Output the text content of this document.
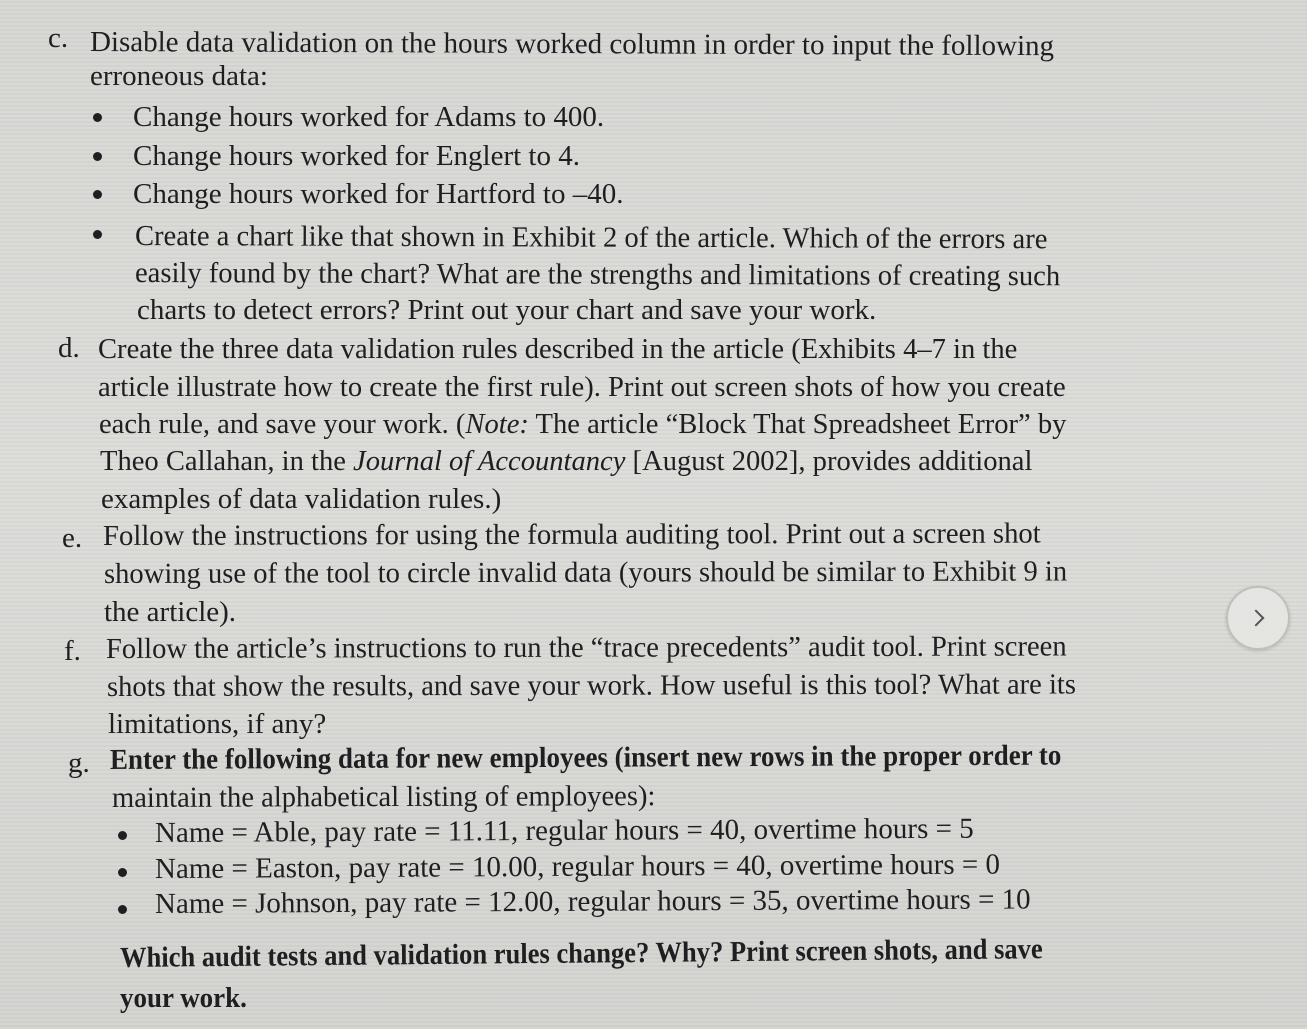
c. Disable data validation on the hours worked column in order to input the following
erroneous data:
Change hours worked for Adams to 400.
Change hours worked for Englert to 4.
Change hours worked for Hartford to –40.
Create a chart like that shown in Exhibit 2 of the article. Which of the errors are
easily found by the chart? What are the strengths and limitations of creating such
charts to detect errors? Print out your chart and save your work.
d. Create the three data validation rules described in the article (Exhibits 4–7 in the
article illustrate how to create the first rule). Print out screen shots of how you create
each rule, and save your work. (Note: The article “Block That Spreadsheet Error” by
Theo Callahan, in the Journal of Accountancy [August 2002], provides additional
examples of data validation rules.)
e. Follow the instructions for using the formula auditing tool. Print out a screen shot
showing use of the tool to circle invalid data (yours should be similar to Exhibit 9 in
the article).
f. Follow the article’s instructions to run the “trace precedents” audit tool. Print screen
shots that show the results, and save your work. How useful is this tool? What are its
limitations, if any?
g. Enter the following data for new employees (insert new rows in the proper order to
maintain the alphabetical listing of employees):
Name = Able, pay rate = 11.11, regular hours = 40, overtime hours = 5
Name = Easton, pay rate = 10.00, regular hours = 40, overtime hours = 0
Name = Johnson, pay rate = 12.00, regular hours = 35, overtime hours = 10
Which audit tests and validation rules change? Why? Print screen shots, and save
your work.
